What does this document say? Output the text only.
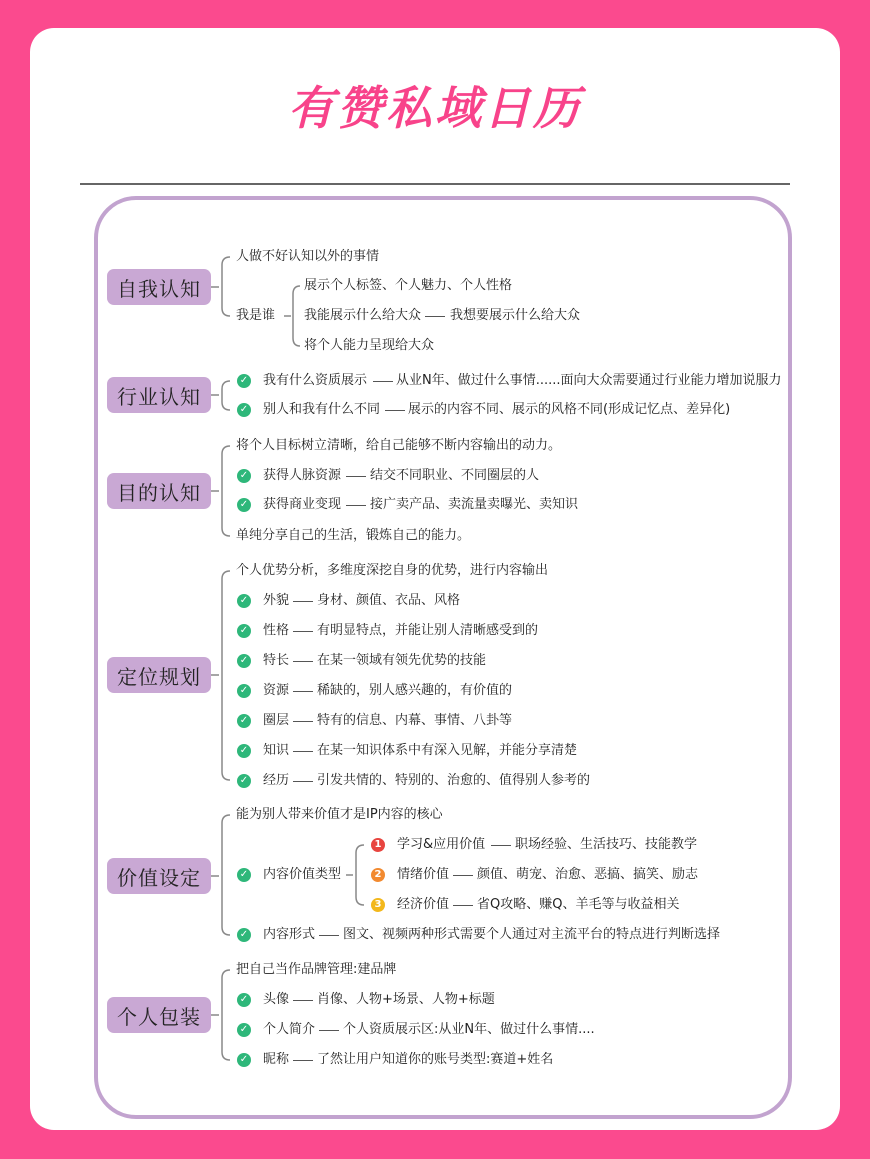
有赞私域日历
自我认知
人做不好认知以外的事情
我是谁
展示个人标签、个人魅力、个人性格
我能展示什么给大众 我想要展示什么给大众
将个人能力呈现给大众
行业认知
✓ 我有什么资质展示 从业N年、做过什么事情......面向大众需要通过行业能力增加说服力
✓ 别人和我有什么不同 展示的内容不同、展示的风格不同(形成记忆点、差异化)
目的认知
将个人目标树立清晰，给自己能够不断内容输出的动力。
✓ 获得人脉资源 结交不同职业、不同圈层的人
✓ 获得商业变现 接广卖产品、卖流量卖曝光、卖知识
单纯分享自己的生活，锻炼自己的能力。
定位规划
个人优势分析，多维度深挖自身的优势，进行内容输出
✓ 外貌 身材、颜值、衣品、风格
✓ 性格 有明显特点，并能让别人清晰感受到的
✓ 特长 在某一领域有领先优势的技能
✓ 资源 稀缺的，别人感兴趣的，有价值的
✓ 圈层 特有的信息、内幕、事情、八卦等
✓ 知识 在某一知识体系中有深入见解，并能分享清楚
✓ 经历 引发共情的、特别的、治愈的、值得别人参考的
价值设定
能为别人带来价值才是IP内容的核心
✓ 内容价值类型
1 学习&应用价值 职场经验、生活技巧、技能教学
2 情绪价值 颜值、萌宠、治愈、恶搞、搞笑、励志
3 经济价值 省Q攻略、赚Q、羊毛等与收益相关
✓ 内容形式 图文、视频两种形式需要个人通过对主流平台的特点进行判断选择
个人包装
把自己当作品牌管理:建品牌
✓ 头像 肖像、人物+场景、人物+标题
✓ 个人简介 个人资质展示区:从业N年、做过什么事情....
✓ 昵称 了然让用户知道你的账号类型:赛道+姓名
